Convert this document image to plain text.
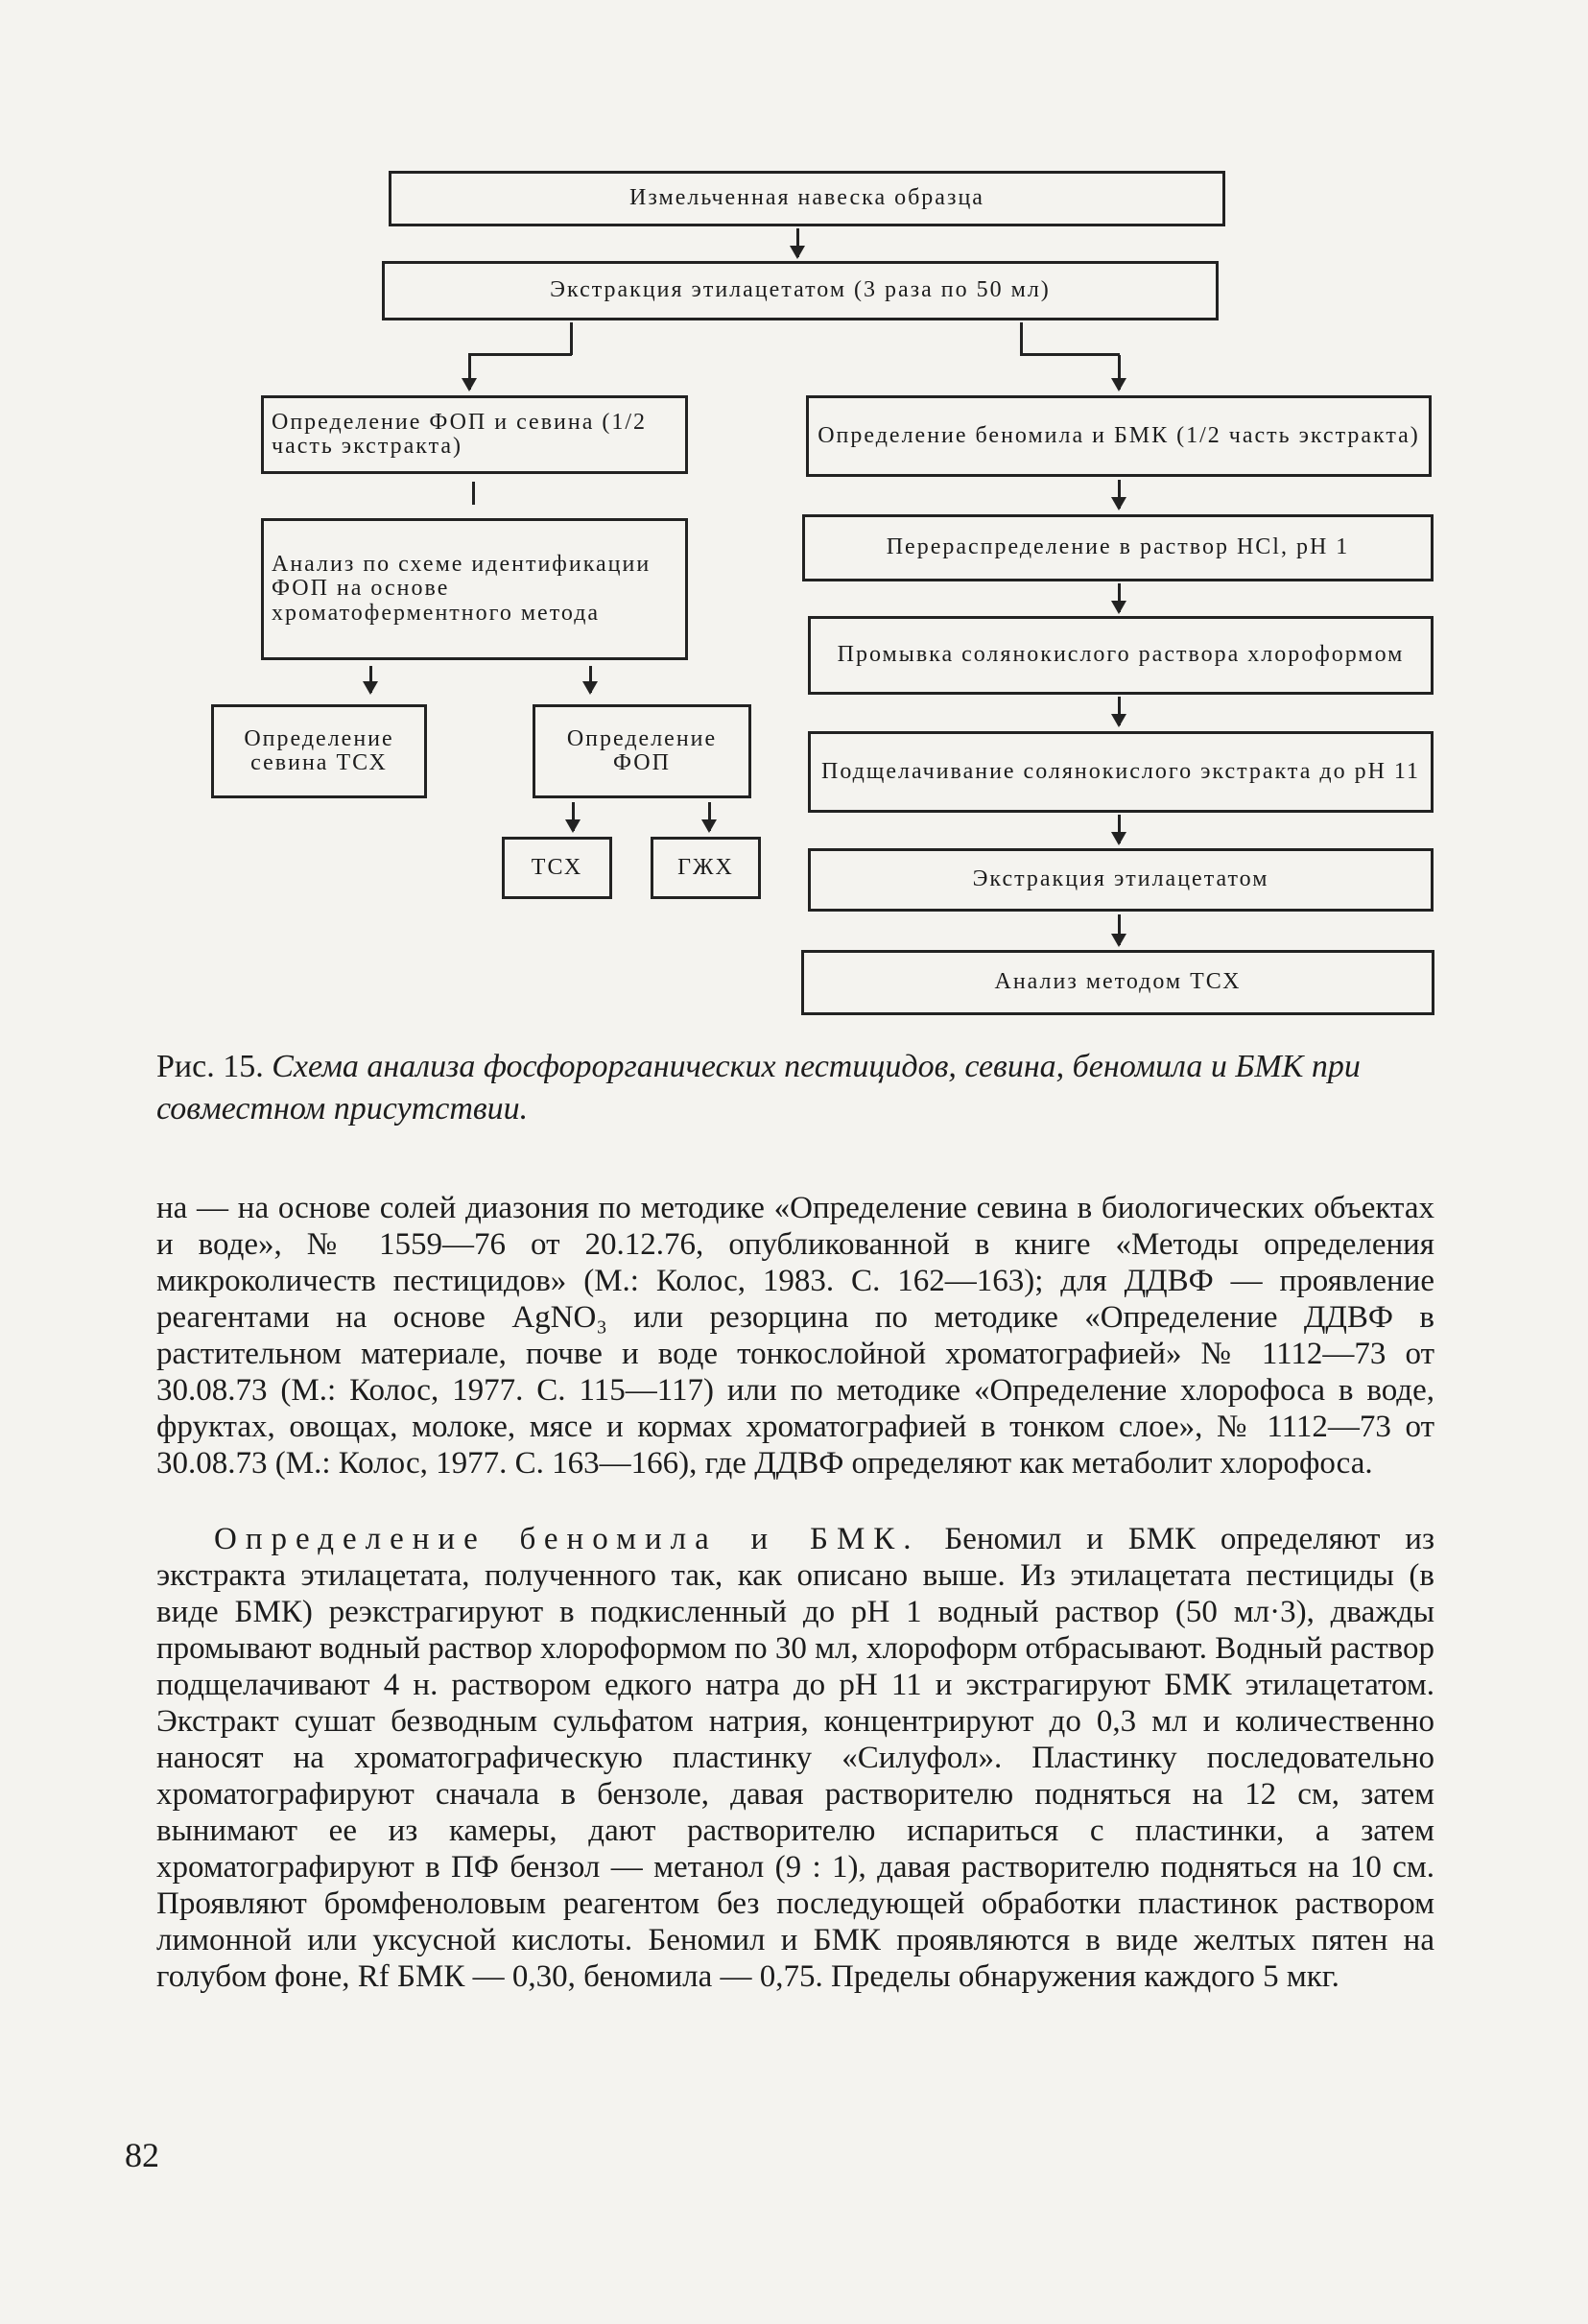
Измельченная навеска образца
Экстракция этилацетатом (3 раза по 50 мл)
Определение ФОП и севина (1/2 часть экстракта)
Анализ по схеме идентификации ФОП на основе хроматоферментного метода
Определение севина ТСХ
Определение ФОП
ТСХ	ГЖХ
Определение беномила и БМК (1/2 часть экстракта)
Перераспределение в раствор HCl, pH 1
Промывка солянокислого раствора хлороформом
Подщелачивание солянокислого экстракта до pH 11
Экстракция этилацетатом
Анализ методом ТСХ
Рис. 15. Схема анализа фосфорорганических пестицидов, севина, беномила и БМК при совместном присутствии.

на — на основе солей диазония по методике «Определение севина в биологических объектах и воде», № 1559—76 от 20.12.76, опубликованной в книге «Методы определения микроколичеств пестицидов» (М.: Колос, 1983. С. 162—163); для ДДВФ — проявление реагентами на основе AgNO₃ или резорцина по методике «Определение ДДВФ в растительном материале, почве и воде тонкослойной хроматографией» № 1112—73 от 30.08.73 (М.: Колос, 1977. С. 115—117) или по методике «Определение хлорофоса в воде, фруктах, овощах, молоке, мясе и кормах хроматографией в тонком слое», № 1112—73 от 30.08.73 (М.: Колос, 1977. С. 163—166), где ДДВФ определяют как метаболит хлорофоса.

Определение беномила и БМК. Беномил и БМК определяют из экстракта этилацетата, полученного так, как описано выше. Из этилацетата пестициды (в виде БМК) реэкстрагируют в подкисленный до pH 1 водный раствор (50 мл·3), дважды промывают водный раствор хлороформом по 30 мл, хлороформ отбрасывают. Водный раствор подщелачивают 4 н. раствором едкого натра до pH 11 и экстрагируют БМК этилацетатом. Экстракт сушат безводным сульфатом натрия, концентрируют до 0,3 мл и количественно наносят на хроматографическую пластинку «Силуфол». Пластинку последовательно хроматографируют сначала в бензоле, давая растворителю подняться на 12 см, затем вынимают ее из камеры, дают растворителю испариться с пластинки, а затем хроматографируют в ПФ бензол — метанол (9 : 1), давая растворителю подняться на 10 см. Проявляют бромфеноловым реагентом без последующей обработки пластинок раствором лимонной или уксусной кислоты. Беномил и БМК проявляются в виде желтых пятен на голубом фоне, Rf БМК — 0,30, беномила — 0,75. Пределы обнаружения каждого 5 мкг.

82
